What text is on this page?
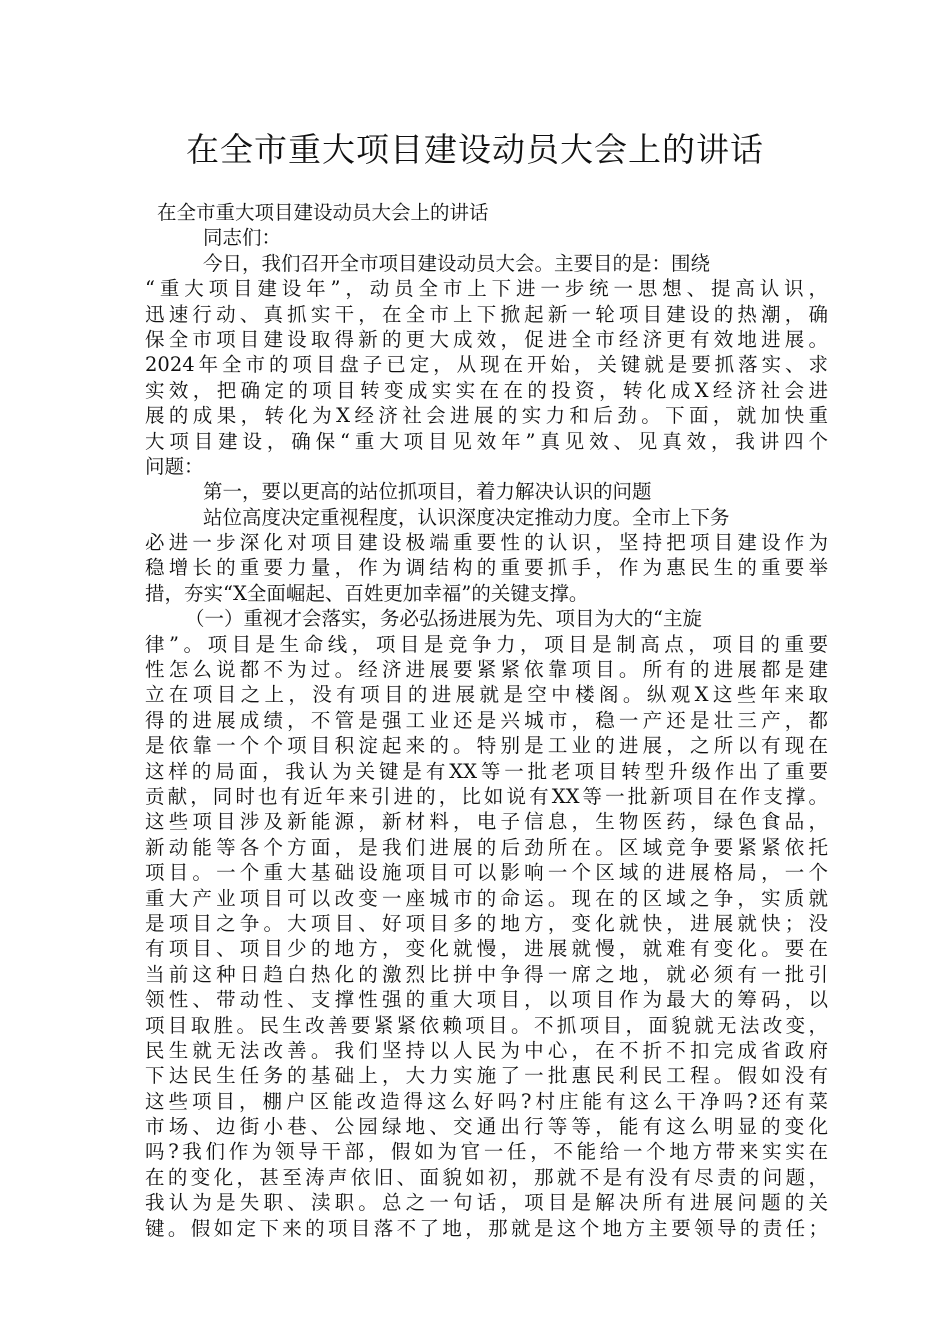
在全市重大项目建设动员大会上的讲话

在全市重大项目建设动员大会上的讲话

同志们：

今日，我们召开全市项目建设动员大会。主要目的是：围绕

“重大项目建设年”，动员全市上下进一步统一思想、提高认识，

迅速行动、真抓实干，在全市上下掀起新一轮项目建设的热潮，确

保全市项目建设取得新的更大成效，促进全市经济更有效地进展。

2024年全市的项目盘子已定，从现在开始，关键就是要抓落实、求

实效，把确定的项目转变成实实在在的投资，转化成X经济社会进

展的成果，转化为X经济社会进展的实力和后劲。下面，就加快重

大项目建设，确保“重大项目见效年”真见效、见真效，我讲四个

问题：

第一，要以更高的站位抓项目，着力解决认识的问题

站位高度决定重视程度，认识深度决定推动力度。全市上下务

必进一步深化对项目建设极端重要性的认识，坚持把项目建设作为

稳增长的重要力量，作为调结构的重要抓手，作为惠民生的重要举

措，夯实“X全面崛起、百姓更加幸福”的关键支撑。

（一）重视才会落实，务必弘扬进展为先、项目为大的“主旋

律”。项目是生命线，项目是竞争力，项目是制高点，项目的重要

性怎么说都不为过。经济进展要紧紧依靠项目。所有的进展都是建

立在项目之上，没有项目的进展就是空中楼阁。纵观X这些年来取

得的进展成绩，不管是强工业还是兴城市，稳一产还是壮三产，都

是依靠一个个项目积淀起来的。特别是工业的进展，之所以有现在

这样的局面，我认为关键是有XX等一批老项目转型升级作出了重要

贡献，同时也有近年来引进的，比如说有XX等一批新项目在作支撑。

这些项目涉及新能源，新材料，电子信息，生物医药，绿色食品，

新动能等各个方面，是我们进展的后劲所在。区域竞争要紧紧依托

项目。一个重大基础设施项目可以影响一个区域的进展格局，一个

重大产业项目可以改变一座城市的命运。现在的区域之争，实质就

是项目之争。大项目、好项目多的地方，变化就快，进展就快；没

有项目、项目少的地方，变化就慢，进展就慢，就难有变化。要在

当前这种日趋白热化的激烈比拼中争得一席之地，就必须有一批引

领性、带动性、支撑性强的重大项目，以项目作为最大的筹码，以

项目取胜。民生改善要紧紧依赖项目。不抓项目，面貌就无法改变，

民生就无法改善。我们坚持以人民为中心，在不折不扣完成省政府

下达民生任务的基础上，大力实施了一批惠民利民工程。假如没有

这些项目，棚户区能改造得这么好吗?村庄能有这么干净吗?还有菜

市场、边街小巷、公园绿地、交通出行等等，能有这么明显的变化

吗?我们作为领导干部，假如为官一任，不能给一个地方带来实实在

在的变化，甚至涛声依旧、面貌如初，那就不是有没有尽责的问题，

我认为是失职、渎职。总之一句话，项目是解决所有进展问题的关

键。假如定下来的项目落不了地，那就是这个地方主要领导的责任；
